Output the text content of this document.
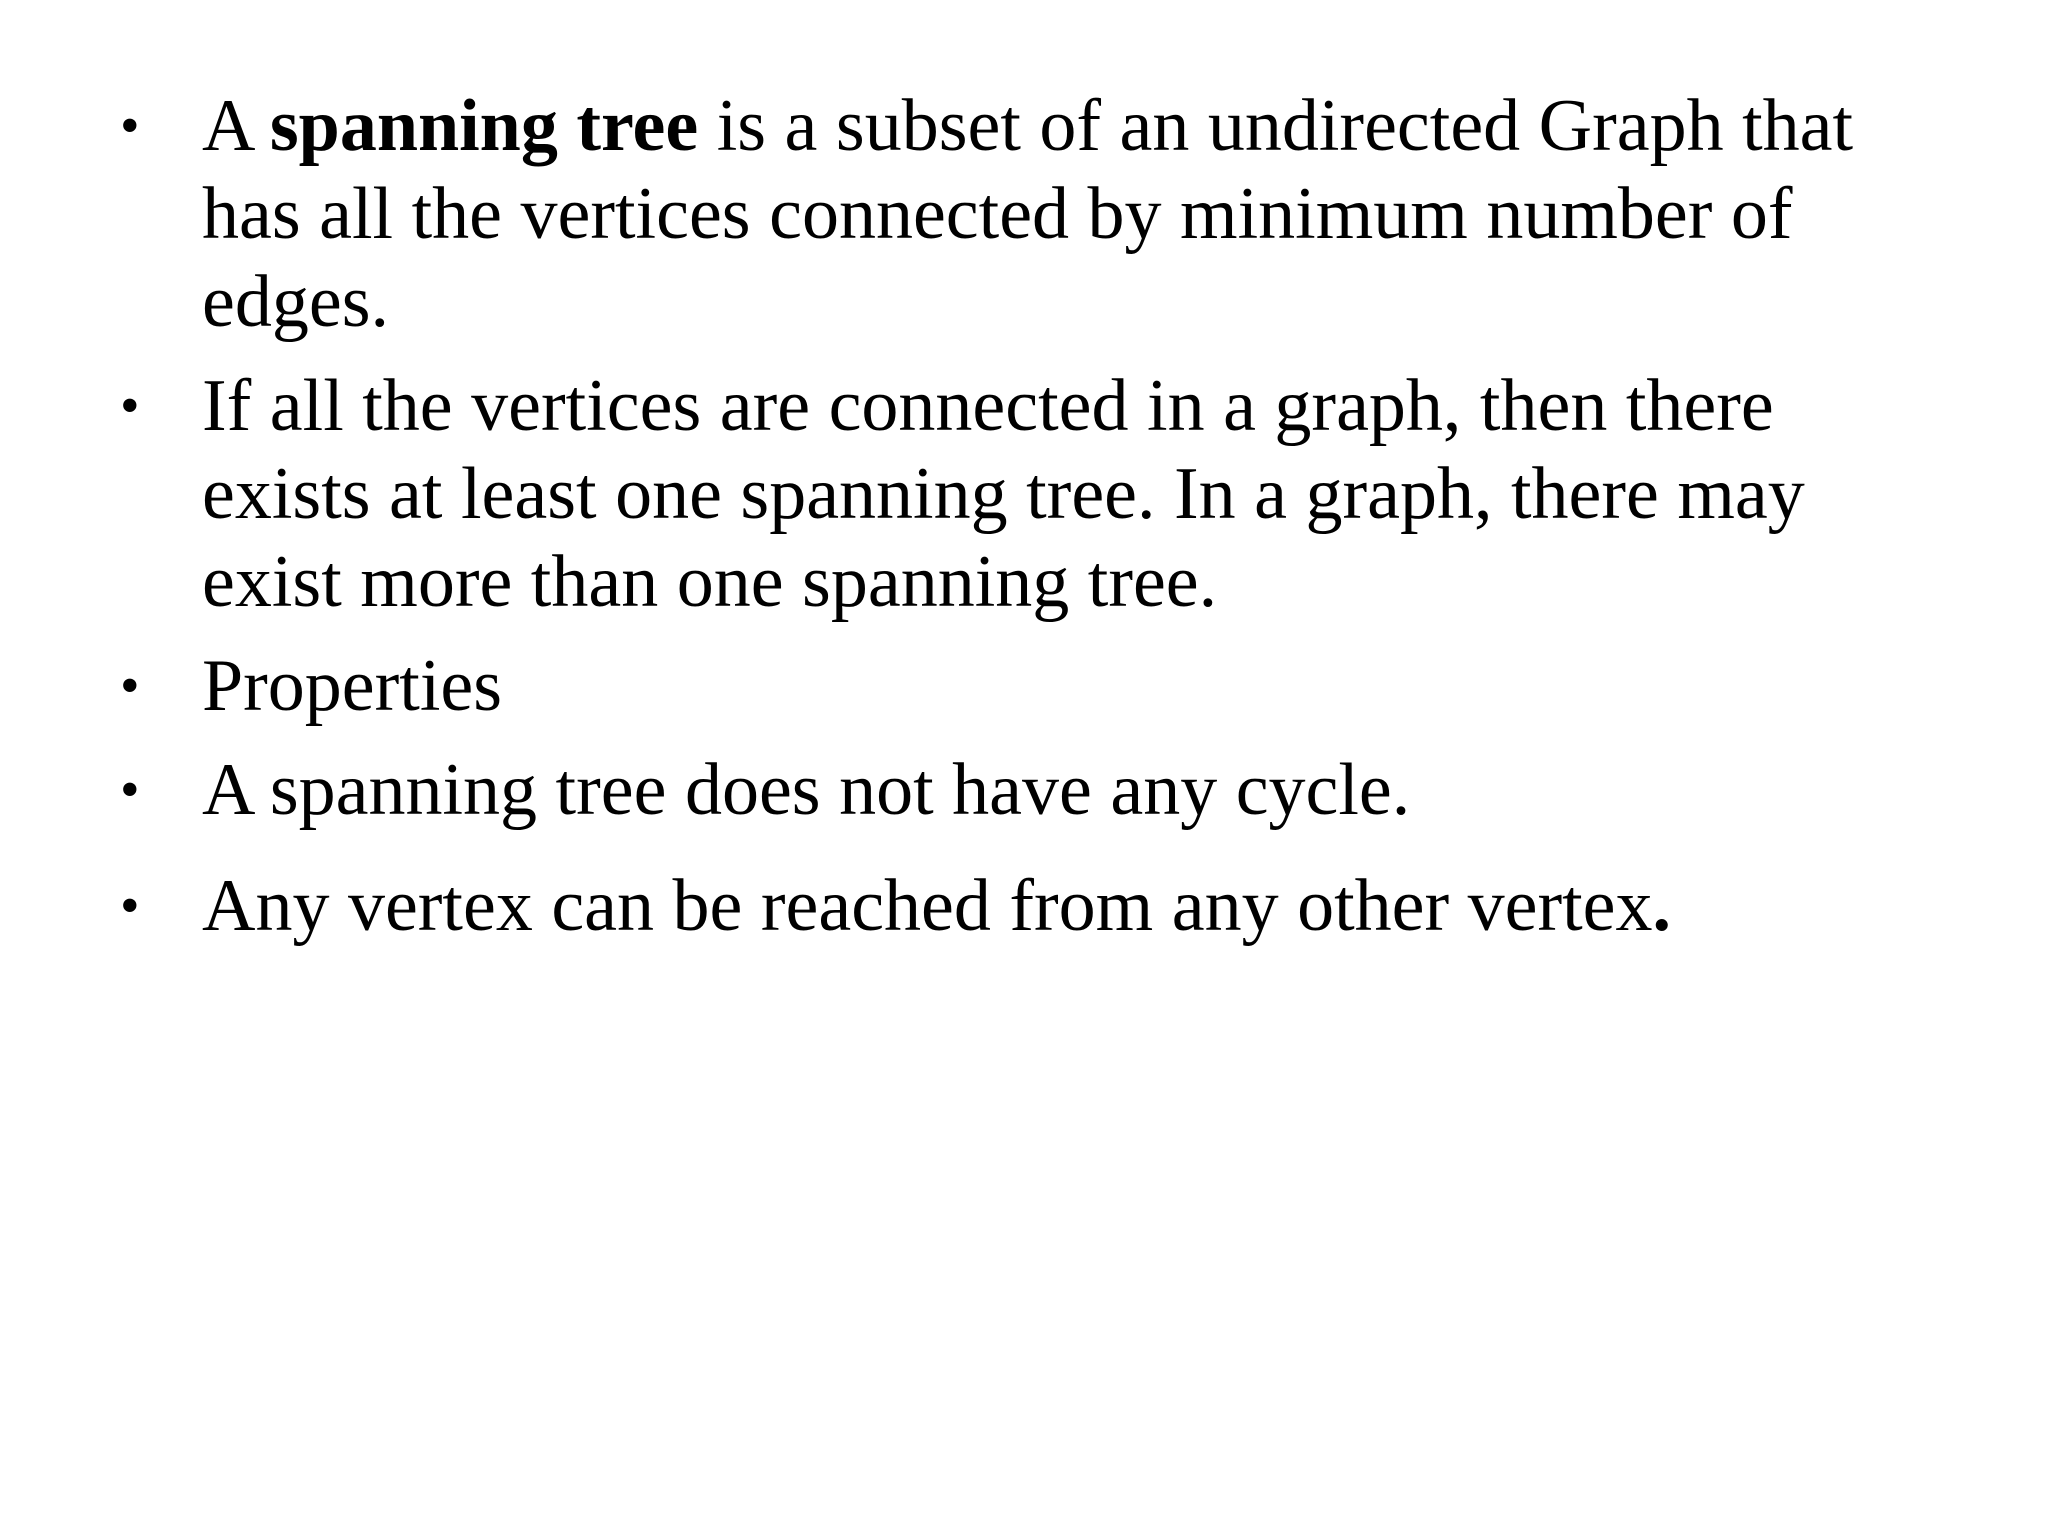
• A spanning tree is a subset of an undirected Graph that has all the vertices connected by minimum number of edges.
• If all the vertices are connected in a graph, then there exists at least one spanning tree. In a graph, there may exist more than one spanning tree.
• Properties
• A spanning tree does not have any cycle.
• Any vertex can be reached from any other vertex.
